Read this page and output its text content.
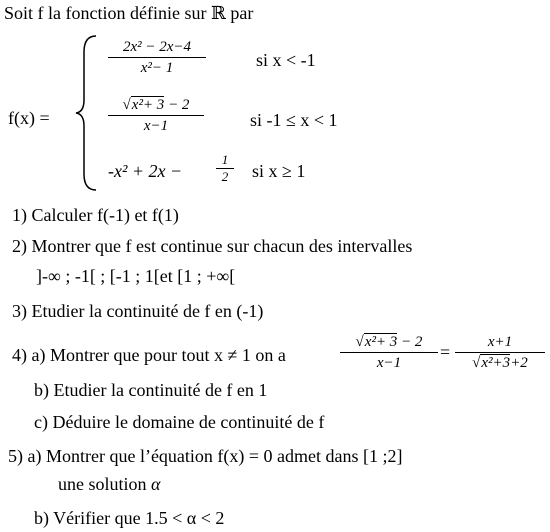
Soit f la fonction définie sur ℝ par
f(x) =
2x² − 2x−4
x²− 1	si x < -1
√x²+ 3 − 2
x−1	si -1 ≤ x < 1
-x² + 2x −
1
2 si x ≥ 1
1) Calculer f(-1) et f(1)
2) Montrer que f est continue sur chacun des intervalles
]-∞ ; -1[ ; [-1 ; 1[et [1 ; +∞[
3) Etudier la continuité de f en (-1)
4) a) Montrer que pour tout x ≠ 1 on a
√x²+ 3 − 2
x−1
=	x+1
√x²+3+2
b) Etudier la continuité de f en 1
c) Déduire le domaine de continuité de f
5) a) Montrer que l’équation f(x) = 0 admet dans [1 ;2]
une solution α
b) Vérifier que 1.5 < α < 2
